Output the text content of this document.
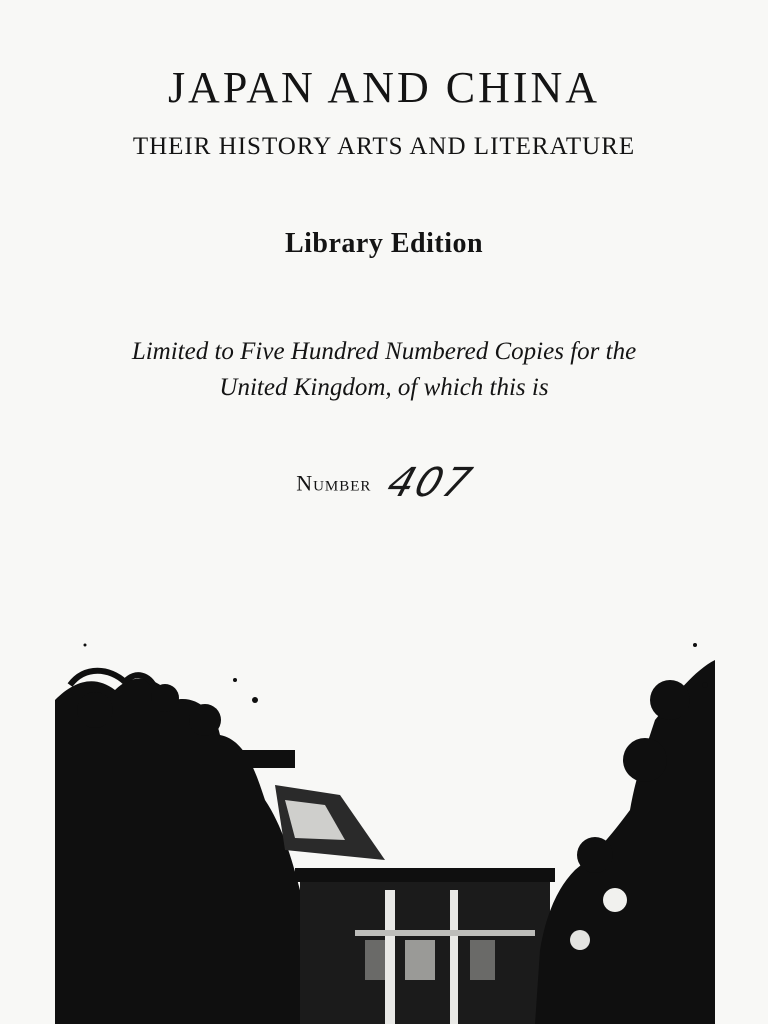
JAPAN AND CHINA
THEIR HISTORY ARTS AND LITERATURE
Library Edition
Limited to Five Hundred Numbered Copies for the
United Kingdom, of which this is
Number 407
